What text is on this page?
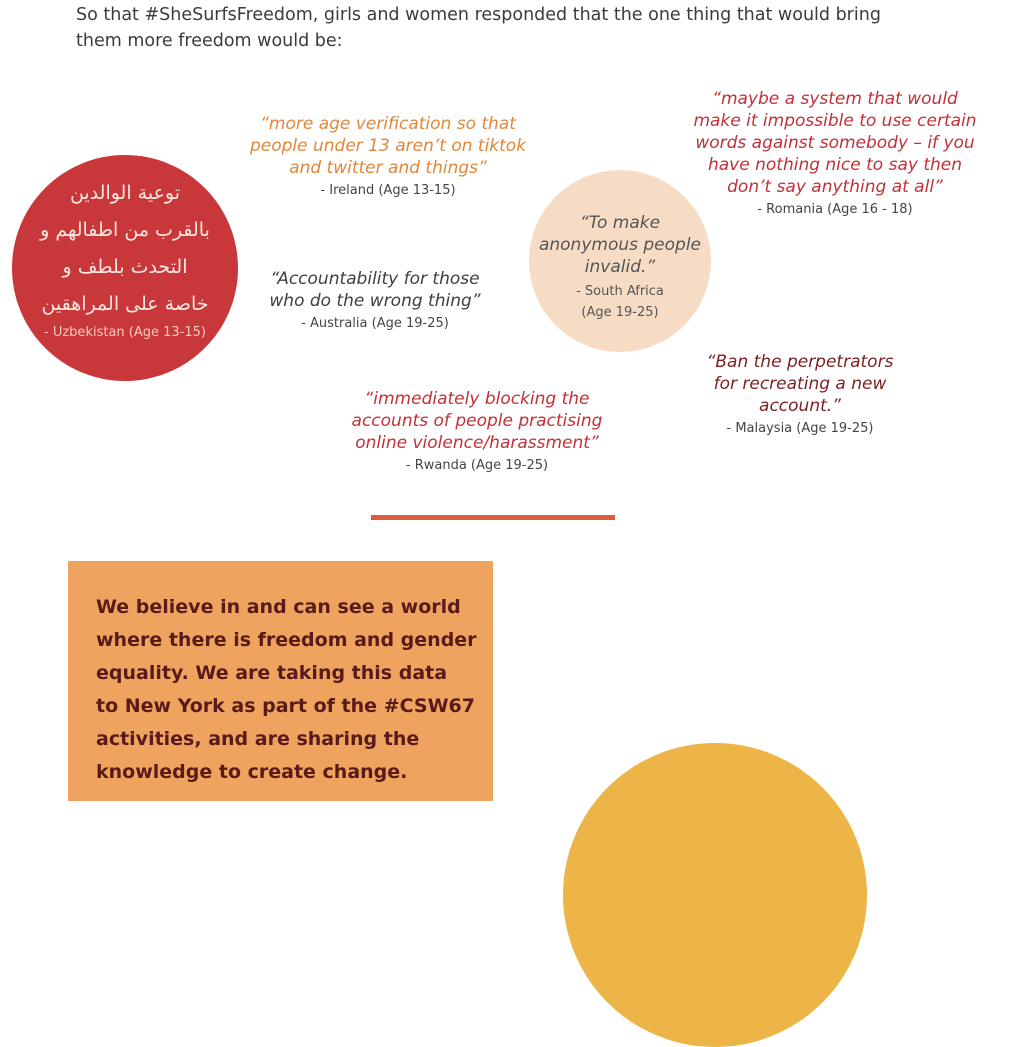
So that #SheSurfsFreedom, girls and women responded that the one thing that would bring
them more freedom would be:
توعية الوالدين
بالقرب من اطفالهم و
التحدث بلطف و
خاصة على المراهقين
- Uzbekistan (Age 13-15)
“more age verification so that
people under 13 aren’t on tiktok
and twitter and things”
- Ireland (Age 13-15)
“Accountability for those
who do the wrong thing”
- Australia (Age 19-25)
“To make
anonymous people
invalid.”
- South Africa
(Age 19-25)
“maybe a system that would
make it impossible to use certain
words against somebody – if you
have nothing nice to say then
don’t say anything at all”
- Romania (Age 16 - 18)
“Ban the perpetrators
for recreating a new
account.”
- Malaysia (Age 19-25)
“immediately blocking the
accounts of people practising
online violence/harassment”
- Rwanda (Age 19-25)
We believe in and can see a world
where there is freedom and gender
equality. We are taking this data
to New York as part of the #CSW67
activities, and are sharing the
knowledge to create change.
